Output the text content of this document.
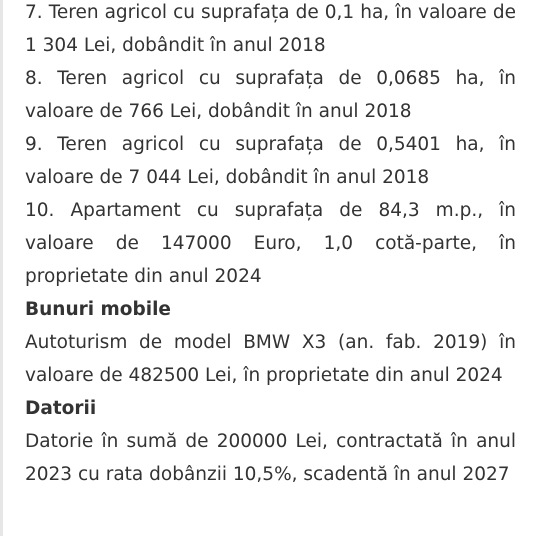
7. Teren agricol cu suprafața de 0,1 ha, în valoare de 1 304 Lei, dobândit în anul 2018

8. Teren agricol cu suprafața de 0,0685 ha, în valoare de 766 Lei, dobândit în anul 2018

9. Teren agricol cu suprafața de 0,5401 ha, în valoare de 7 044 Lei, dobândit în anul 2018

10. Apartament cu suprafața de 84,3 m.p., în valoare de 147000 Euro, 1,0 cotă-parte, în proprietate din anul 2024

Bunuri mobile

Autoturism de model BMW X3 (an. fab. 2019) în valoare de 482500 Lei, în proprietate din anul 2024

Datorii

Datorie în sumă de 200000 Lei, contractată în anul 2023 cu rata dobânzii 10,5%, scadentă în anul 2027
